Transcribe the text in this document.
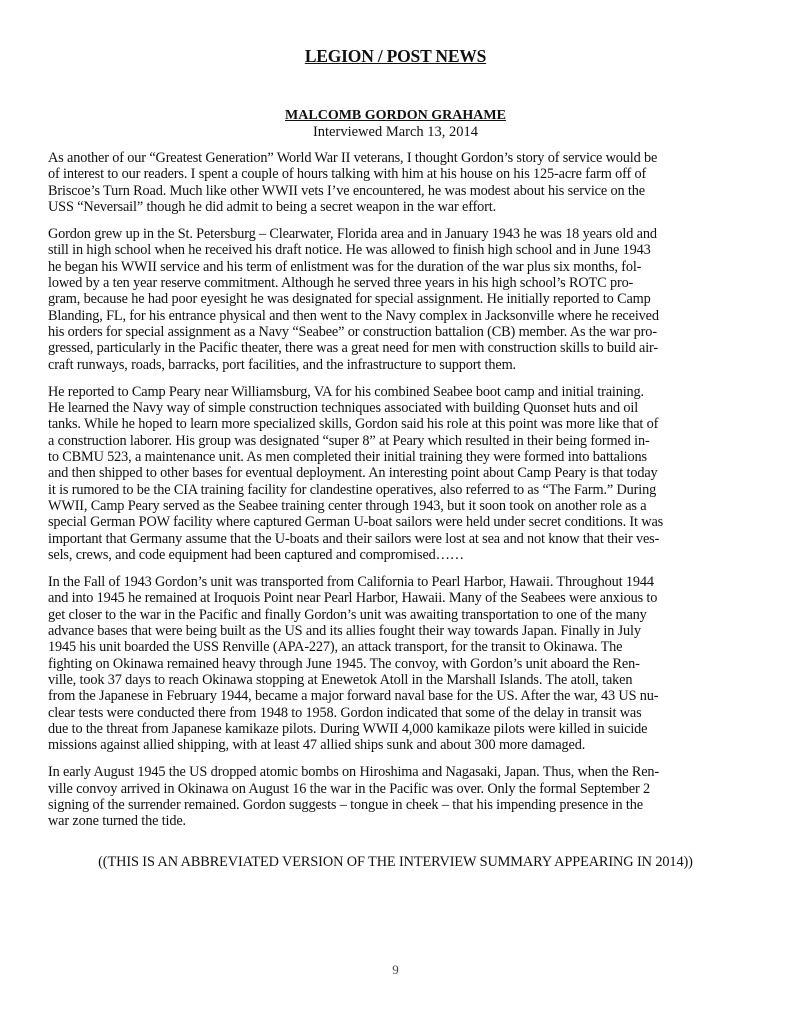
LEGION / POST NEWS
MALCOMB GORDON GRAHAME
Interviewed March 13, 2014

As another of our “Greatest Generation” World War II veterans, I thought Gordon’s story of service would be
of interest to our readers. I spent a couple of hours talking with him at his house on his 125-acre farm off of
Briscoe’s Turn Road. Much like other WWII vets I’ve encountered, he was modest about his service on the
USS “Neversail” though he did admit to being a secret weapon in the war effort.

Gordon grew up in the St. Petersburg – Clearwater, Florida area and in January 1943 he was 18 years old and
still in high school when he received his draft notice. He was allowed to finish high school and in June 1943
he began his WWII service and his term of enlistment was for the duration of the war plus six months, fol-
lowed by a ten year reserve commitment. Although he served three years in his high school’s ROTC pro-
gram, because he had poor eyesight he was designated for special assignment. He initially reported to Camp
Blanding, FL, for his entrance physical and then went to the Navy complex in Jacksonville where he received
his orders for special assignment as a Navy “Seabee” or construction battalion (CB) member. As the war pro-
gressed, particularly in the Pacific theater, there was a great need for men with construction skills to build air-
craft runways, roads, barracks, port facilities, and the infrastructure to support them.

He reported to Camp Peary near Williamsburg, VA for his combined Seabee boot camp and initial training.
He learned the Navy way of simple construction techniques associated with building Quonset huts and oil
tanks. While he hoped to learn more specialized skills, Gordon said his role at this point was more like that of
a construction laborer. His group was designated “super 8” at Peary which resulted in their being formed in-
to CBMU 523, a maintenance unit. As men completed their initial training they were formed into battalions
and then shipped to other bases for eventual deployment. An interesting point about Camp Peary is that today
it is rumored to be the CIA training facility for clandestine operatives, also referred to as “The Farm.” During
WWII, Camp Peary served as the Seabee training center through 1943, but it soon took on another role as a
special German POW facility where captured German U-boat sailors were held under secret conditions. It was
important that Germany assume that the U-boats and their sailors were lost at sea and not know that their ves-
sels, crews, and code equipment had been captured and compromised……

In the Fall of 1943 Gordon’s unit was transported from California to Pearl Harbor, Hawaii. Throughout 1944
and into 1945 he remained at Iroquois Point near Pearl Harbor, Hawaii. Many of the Seabees were anxious to
get closer to the war in the Pacific and finally Gordon’s unit was awaiting transportation to one of the many
advance bases that were being built as the US and its allies fought their way towards Japan. Finally in July
1945 his unit boarded the USS Renville (APA-227), an attack transport, for the transit to Okinawa. The
fighting on Okinawa remained heavy through June 1945. The convoy, with Gordon’s unit aboard the Ren-
ville, took 37 days to reach Okinawa stopping at Enewetok Atoll in the Marshall Islands. The atoll, taken
from the Japanese in February 1944, became a major forward naval base for the US. After the war, 43 US nu-
clear tests were conducted there from 1948 to 1958. Gordon indicated that some of the delay in transit was
due to the threat from Japanese kamikaze pilots. During WWII 4,000 kamikaze pilots were killed in suicide
missions against allied shipping, with at least 47 allied ships sunk and about 300 more damaged.

In early August 1945 the US dropped atomic bombs on Hiroshima and Nagasaki, Japan. Thus, when the Ren-
ville convoy arrived in Okinawa on August 16 the war in the Pacific was over. Only the formal September 2
signing of the surrender remained. Gordon suggests – tongue in cheek – that his impending presence in the
war zone turned the tide.

((THIS IS AN ABBREVIATED VERSION OF THE INTERVIEW SUMMARY APPEARING IN 2014))
9
